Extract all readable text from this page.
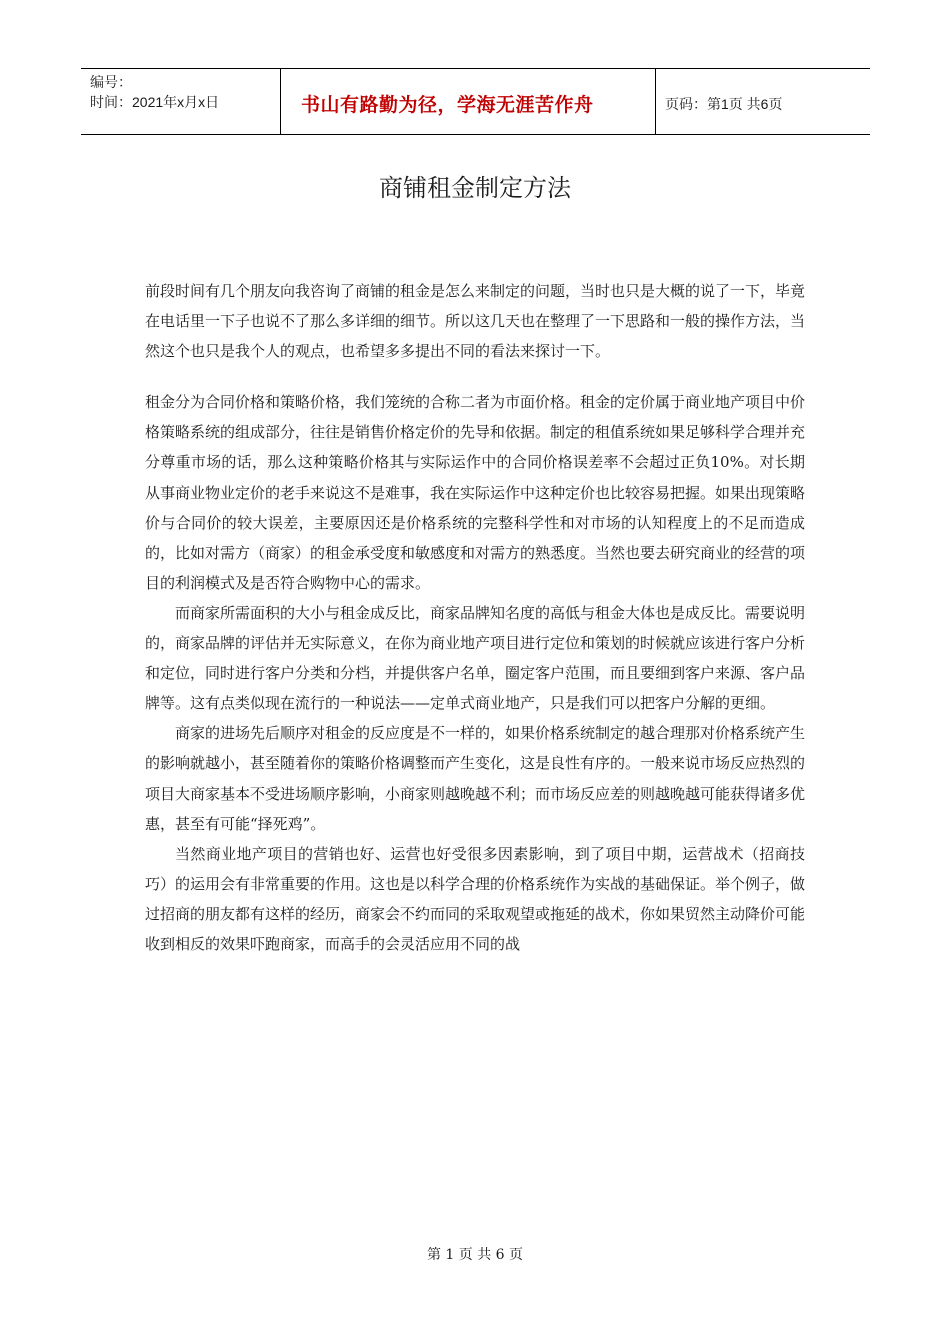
编号：
时间：2021年x月x日	书山有路勤为径，学海无涯苦作舟	页码：第1页 共6页
商铺租金制定方法

前段时间有几个朋友向我咨询了商铺的租金是怎么来制定的问题，当时也只是大概的说了一下，毕竟在电话里一下子也说不了那么多详细的细节。所以这几天也在整理了一下思路和一般的操作方法，当然这个也只是我个人的观点，也希望多多提出不同的看法来探讨一下。

租金分为合同价格和策略价格，我们笼统的合称二者为市面价格。租金的定价属于商业地产项目中价格策略系统的组成部分，往往是销售价格定价的先导和依据。制定的租值系统如果足够科学合理并充分尊重市场的话，那么这种策略价格其与实际运作中的合同价格误差率不会超过正负10%。对长期从事商业物业定价的老手来说这不是难事，我在实际运作中这种定价也比较容易把握。如果出现策略价与合同价的较大误差，主要原因还是价格系统的完整科学性和对市场的认知程度上的不足而造成的，比如对需方（商家）的租金承受度和敏感度和对需方的熟悉度。当然也要去研究商业的经营的项目的利润模式及是否符合购物中心的需求。

而商家所需面积的大小与租金成反比，商家品牌知名度的高低与租金大体也是成反比。需要说明的，商家品牌的评估并无实际意义，在你为商业地产项目进行定位和策划的时候就应该进行客户分析和定位，同时进行客户分类和分档，并提供客户名单，圈定客户范围，而且要细到客户来源、客户品牌等。这有点类似现在流行的一种说法——定单式商业地产，只是我们可以把客户分解的更细。

商家的进场先后顺序对租金的反应度是不一样的，如果价格系统制定的越合理那对价格系统产生的影响就越小，甚至随着你的策略价格调整而产生变化，这是良性有序的。一般来说市场反应热烈的项目大商家基本不受进场顺序影响，小商家则越晚越不利；而市场反应差的则越晚越可能获得诸多优惠，甚至有可能“择死鸡”。

当然商业地产项目的营销也好、运营也好受很多因素影响，到了项目中期，运营战术（招商技巧）的运用会有非常重要的作用。这也是以科学合理的价格系统作为实战的基础保证。举个例子，做过招商的朋友都有这样的经历，商家会不约而同的采取观望或拖延的战术，你如果贸然主动降价可能收到相反的效果吓跑商家，而高手的会灵活应用不同的战

第 1 页 共 6 页
